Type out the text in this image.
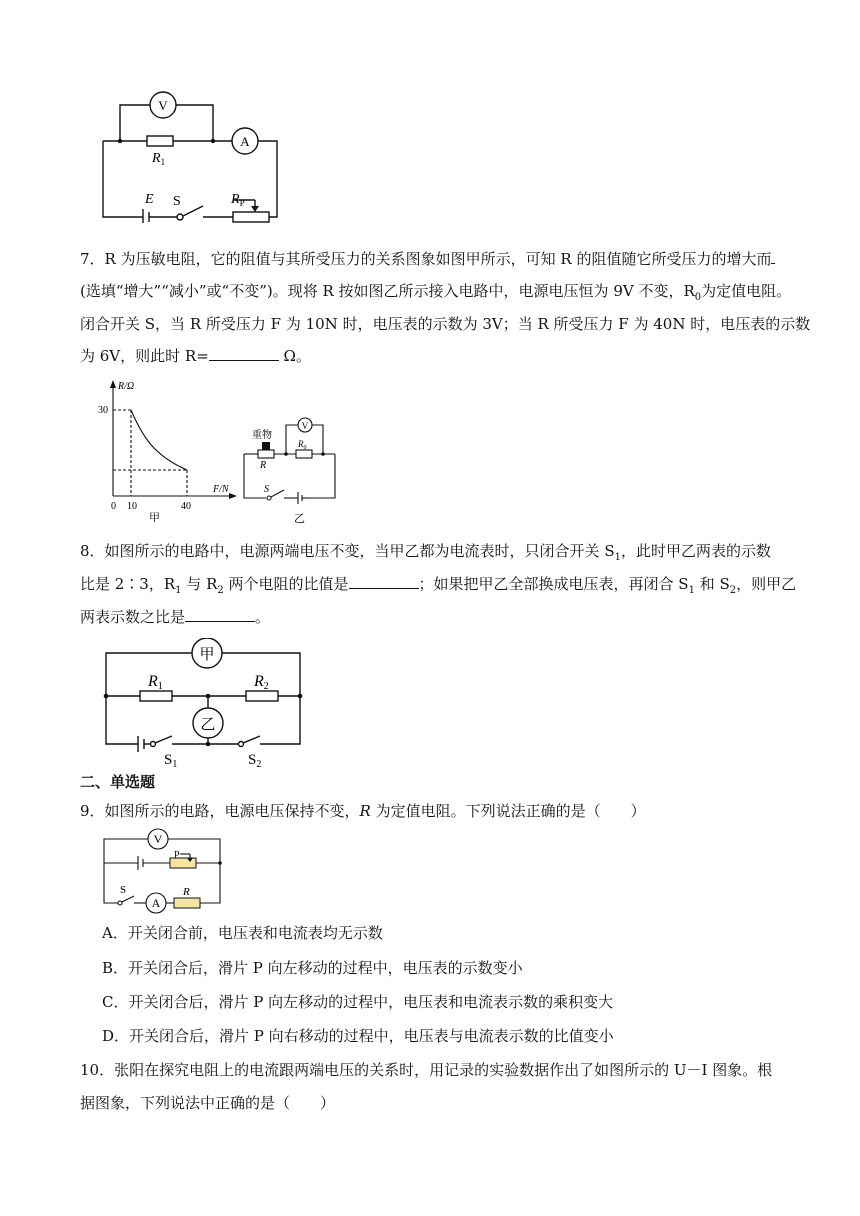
V
A
$R_1$
E S	$R_P$
7．R 为压敏电阻，它的阻值与其所受压力的关系图象如图甲所示，可知 R 的阻值随它所受压力的增大而
(选填“增大”“减小”或“不变”)。现将 R 按如图乙所示接入电路中，电源电压恒为 9V 不变，$R_0$为定值电阻。
闭合开关 S，当 R 所受压力 F 为 10N 时，电压表的示数为 3V；当 R 所受压力 F 为 40N 时，电压表的示数
为 6V，则此时 R=	Ω。
R/Ω
F/N
30
0 10	40
甲
重物
V
$R_0$
R
S
乙
8．如图所示的电路中，电源两端电压不变，当甲乙都为电流表时，只闭合开关 $S_1$，此时甲乙两表的示数
比是 2∶3，$R_1$ 与 $R_2$ 两个电阻的比值是	；如果把甲乙全部换成电压表，再闭合 $S_1$ 和 $S_2$，则甲乙
两表示数之比是	。
甲
乙
R1	R2
$S_1$	$S_2$
二、单选题
9．如图所示的电路，电源电压保持不变，R 为定值电阻。下列说法正确的是（　　）
V
P
S
A
R
A．开关闭合前，电压表和电流表均无示数
B．开关闭合后，滑片 P 向左移动的过程中，电压表的示数变小
C．开关闭合后，滑片 P 向左移动的过程中，电压表和电流表示数的乘积变大
D．开关闭合后，滑片 P 向右移动的过程中，电压表与电流表示数的比值变小
10．张阳在探究电阻上的电流跟两端电压的关系时，用记录的实验数据作出了如图所示的 U－I 图象。根
据图象，下列说法中正确的是（　　）
